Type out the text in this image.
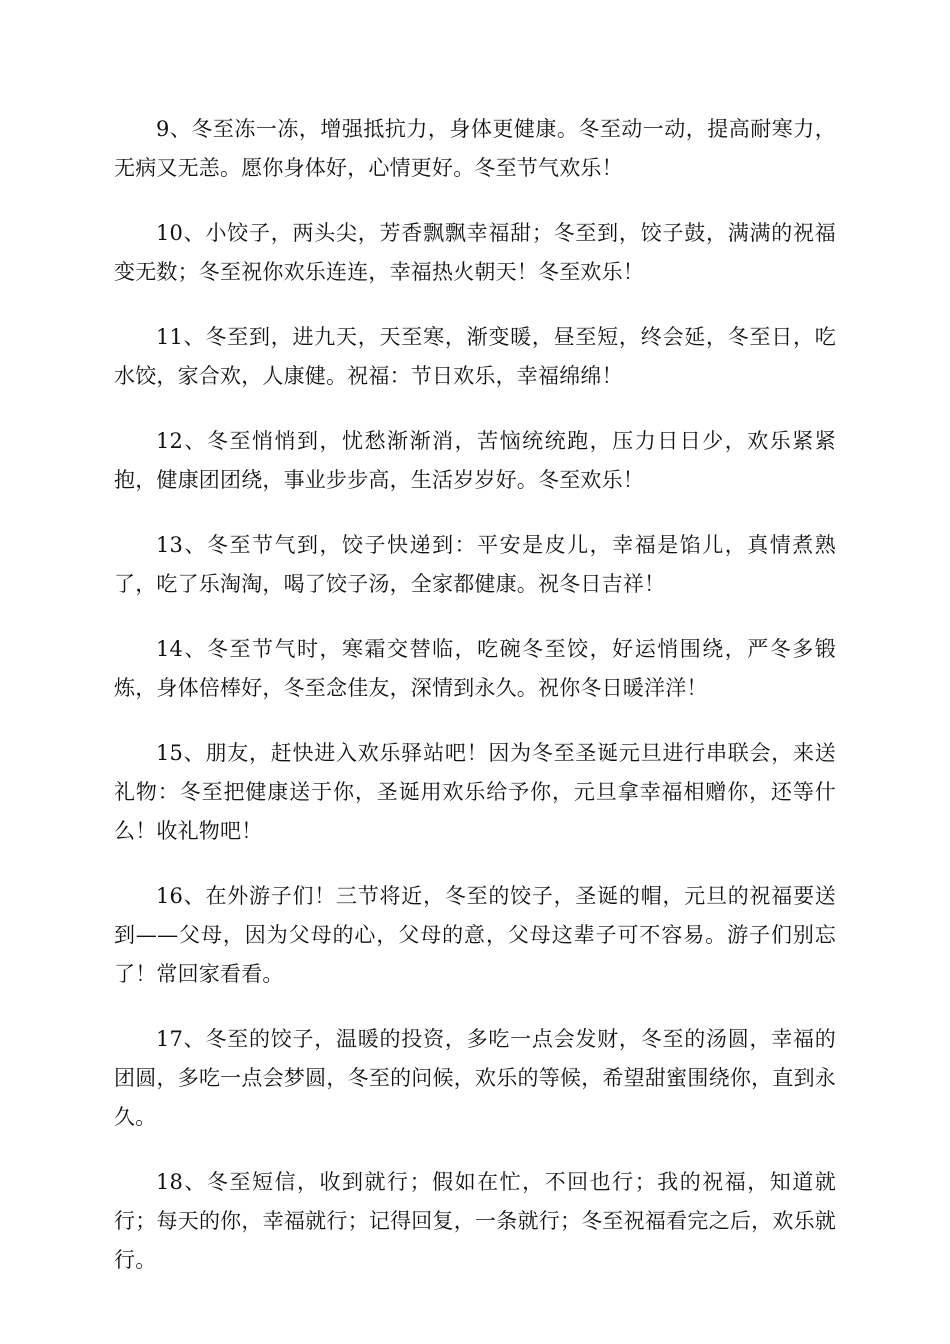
9、冬至冻一冻，增强抵抗力，身体更健康。冬至动一动，提高耐寒力，无病又无恙。愿你身体好，心情更好。冬至节气欢乐！

10、小饺子，两头尖，芳香飘飘幸福甜；冬至到，饺子鼓，满满的祝福变无数；冬至祝你欢乐连连，幸福热火朝天！冬至欢乐！

11、冬至到，进九天，天至寒，渐变暖，昼至短，终会延，冬至日，吃水饺，家合欢，人康健。祝福：节日欢乐，幸福绵绵！

12、冬至悄悄到，忧愁渐渐消，苦恼统统跑，压力日日少，欢乐紧紧抱，健康团团绕，事业步步高，生活岁岁好。冬至欢乐！

13、冬至节气到，饺子快递到：平安是皮儿，幸福是馅儿，真情煮熟了，吃了乐淘淘，喝了饺子汤，全家都健康。祝冬日吉祥！

14、冬至节气时，寒霜交替临，吃碗冬至饺，好运悄围绕，严冬多锻炼，身体倍棒好，冬至念佳友，深情到永久。祝你冬日暖洋洋！

15、朋友，赶快进入欢乐驿站吧！因为冬至圣诞元旦进行串联会，来送礼物：冬至把健康送于你，圣诞用欢乐给予你，元旦拿幸福相赠你，还等什么！收礼物吧！

16、在外游子们！三节将近，冬至的饺子，圣诞的帽，元旦的祝福要送到——父母，因为父母的心，父母的意，父母这辈子可不容易。游子们别忘了！常回家看看。

17、冬至的饺子，温暖的投资，多吃一点会发财，冬至的汤圆，幸福的团圆，多吃一点会梦圆，冬至的问候，欢乐的等候，希望甜蜜围绕你，直到永久。

18、冬至短信，收到就行；假如在忙，不回也行；我的祝福，知道就行；每天的你，幸福就行；记得回复，一条就行；冬至祝福看完之后，欢乐就行。
